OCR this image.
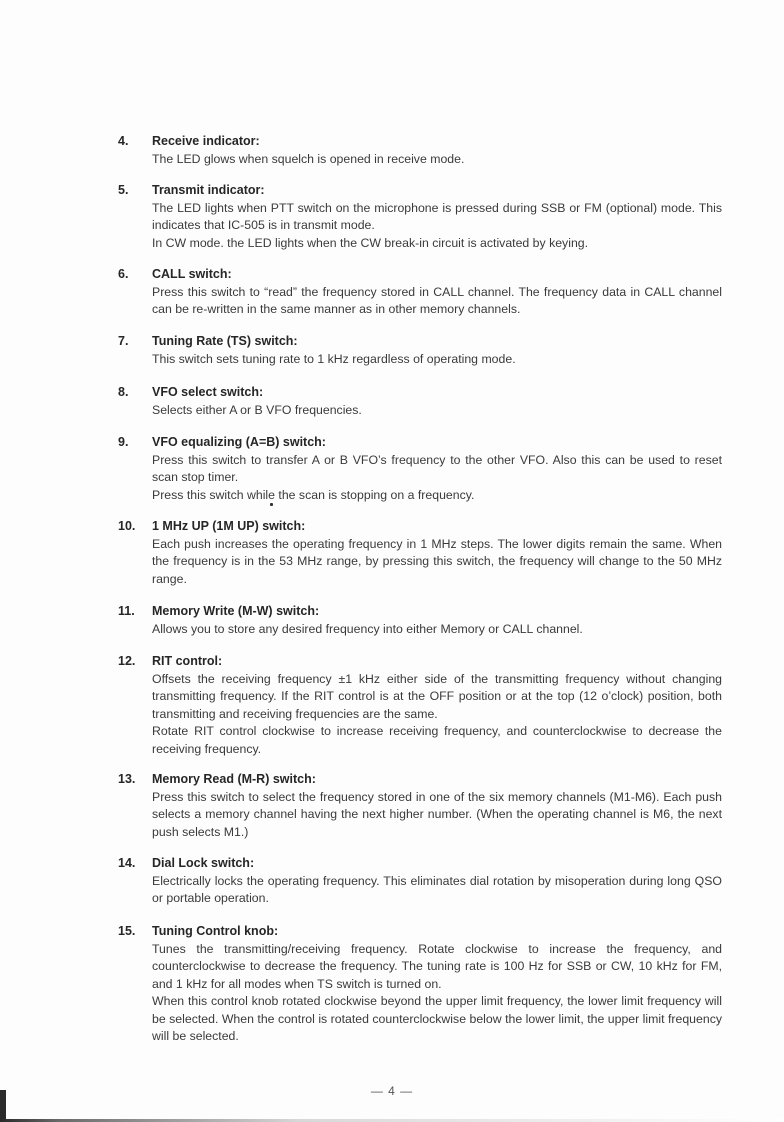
4.	Receive indicator:

The LED glows when squelch is opened in receive mode.

5.	Transmit indicator:

The LED lights when PTT switch on the microphone is pressed during SSB or FM (optional) mode. This indicates that IC-505 is in transmit mode.

In CW mode. the LED lights when the CW break-in circuit is activated by keying.

6.	CALL switch:

Press this switch to “read” the frequency stored in CALL channel. The frequency data in CALL channel can be re-written in the same manner as in other memory channels.

7.	Tuning Rate (TS) switch:

This switch sets tuning rate to 1 kHz regardless of operating mode.

8.	VFO select switch:

Selects either A or B VFO frequencies.

9.	VFO equalizing (A=B) switch:

Press this switch to transfer A or B VFO’s frequency to the other VFO. Also this can be used to reset scan stop timer.

Press this switch while the scan is stopping on a frequency.

10.	1 MHz UP (1M UP) switch:

Each push increases the operating frequency in 1 MHz steps. The lower digits remain the same. When the frequency is in the 53 MHz range, by pressing this switch, the frequency will change to the 50 MHz range.

11.	Memory Write (M-W) switch:

Allows you to store any desired frequency into either Memory or CALL channel.

12.	RIT control:

Offsets the receiving frequency ±1 kHz either side of the transmitting frequency without changing transmitting frequency. If the RIT control is at the OFF position or at the top (12 o’clock) position, both transmitting and receiving frequencies are the same.

Rotate RIT control clockwise to increase receiving frequency, and counterclockwise to decrease the receiving frequency.

13.	Memory Read (M-R) switch:

Press this switch to select the frequency stored in one of the six memory channels (M1-M6). Each push selects a memory channel having the next higher number. (When the operating channel is M6, the next push selects M1.)

14.	Dial Lock switch:

Electrically locks the operating frequency. This eliminates dial rotation by misoperation during long QSO or portable operation.

15.	Tuning Control knob:

Tunes the transmitting/receiving frequency. Rotate clockwise to increase the frequency, and counterclockwise to decrease the frequency. The tuning rate is 100 Hz for SSB or CW, 10 kHz for FM, and 1 kHz for all modes when TS switch is turned on.

When this control knob rotated clockwise beyond the upper limit frequency, the lower limit frequency will be selected. When the control is rotated counterclockwise below the lower limit, the upper limit frequency will be selected.

— 4 —
